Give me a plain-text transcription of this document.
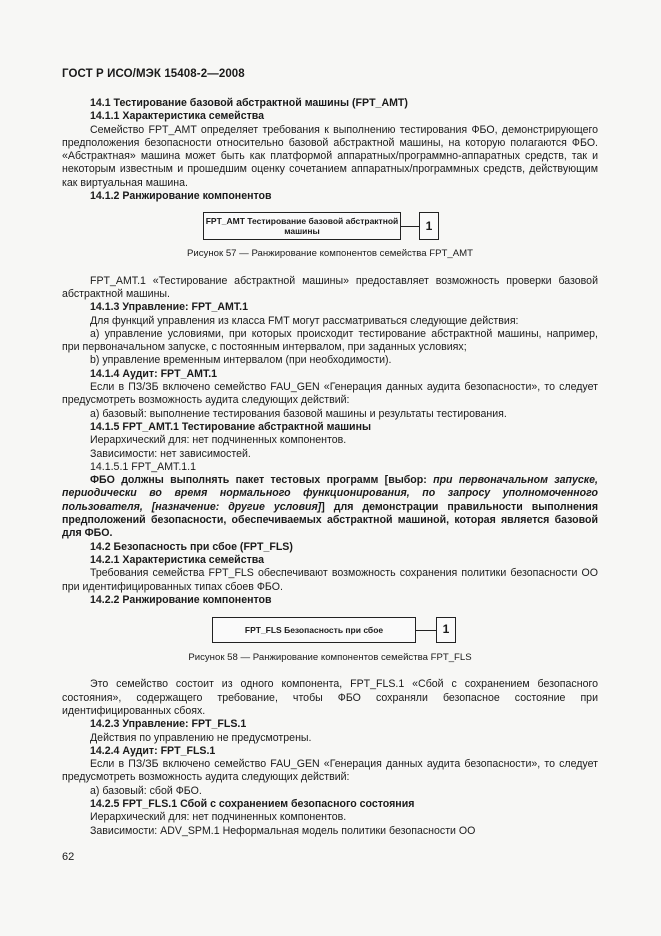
ГОСТ Р ИСО/МЭК 15408-2—2008

14.1 Тестирование базовой абстрактной машины (FPT_AMT)

14.1.1 Характеристика семейства

Семейство FPT_AMT определяет требования к выполнению тестирования ФБО, демонстрирующего предположения безопасности относительно базовой абстрактной машины, на которую полагаются ФБО. «Абстрактная» машина может быть как платформой аппаратных/программно-аппаратных средств, так и некоторым известным и прошедшим оценку сочетанием аппаратных/программных средств, действующим как виртуальная машина.

14.1.2 Ранжирование компонентов

FPT_AMT Тестирование базовой абстрактной машины	1

Рисунок 57 — Ранжирование компонентов семейства FPT_AMT

FPT_AMT.1 «Тестирование абстрактной машины» предоставляет возможность проверки базовой абстрактной машины.

14.1.3 Управление: FPT_AMT.1

Для функций управления из класса FMT могут рассматриваться следующие действия:

a) управление условиями, при которых происходит тестирование абстрактной машины, например, при первоначальном запуске, с постоянным интервалом, при заданных условиях;

b) управление временным интервалом (при необходимости).

14.1.4 Аудит: FPT_AMT.1

Если в ПЗ/ЗБ включено семейство FAU_GEN «Генерация данных аудита безопасности», то следует предусмотреть возможность аудита следующих действий:

a) базовый: выполнение тестирования базовой машины и результаты тестирования.

14.1.5 FPT_AMT.1 Тестирование абстрактной машины

Иерархический для: нет подчиненных компонентов.

Зависимости: нет зависимостей.

14.1.5.1 FPT_AMT.1.1

ФБО должны выполнять пакет тестовых программ [выбор: при первоначальном запуске, периодически во время нормального функционирования, по запросу уполномоченного пользователя, [назначение: другие условия]] для демонстрации правильности выполнения предположений безопасности, обеспечиваемых абстрактной машиной, которая является базовой для ФБО.

14.2 Безопасность при сбое (FPT_FLS)

14.2.1 Характеристика семейства

Требования семейства FPT_FLS обеспечивают возможность сохранения политики безопасности ОО при идентифицированных типах сбоев ФБО.

14.2.2 Ранжирование компонентов

FPT_FLS Безопасность при сбое	1

Рисунок 58 — Ранжирование компонентов семейства FPT_FLS

Это семейство состоит из одного компонента, FPT_FLS.1 «Сбой с сохранением безопасного состояния», содержащего требование, чтобы ФБО сохраняли безопасное состояние при идентифицированных сбоях.

14.2.3 Управление: FPT_FLS.1

Действия по управлению не предусмотрены.

14.2.4 Аудит: FPT_FLS.1

Если в ПЗ/ЗБ включено семейство FAU_GEN «Генерация данных аудита безопасности», то следует предусмотреть возможность аудита следующих действий:

a) базовый: сбой ФБО.

14.2.5 FPT_FLS.1 Сбой с сохранением безопасного состояния

Иерархический для: нет подчиненных компонентов.

Зависимости: ADV_SPM.1 Неформальная модель политики безопасности ОО

62
